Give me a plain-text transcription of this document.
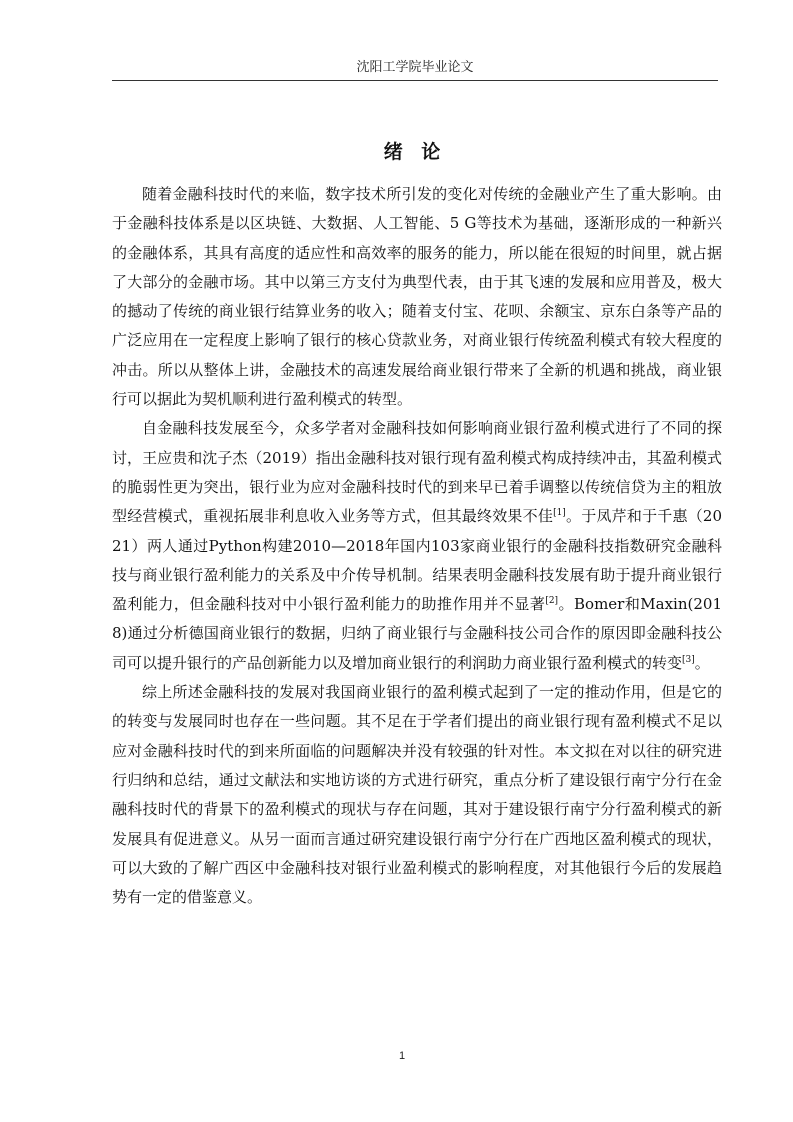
沈阳工学院毕业论文
绪 论

随着金融科技时代的来临，数字技术所引发的变化对传统的金融业产生了重大影响。由于金融科技体系是以区块链、大数据、人工智能、5 G等技术为基础，逐渐形成的一种新兴的金融体系，其具有高度的适应性和高效率的服务的能力，所以能在很短的时间里，就占据了大部分的金融市场。其中以第三方支付为典型代表，由于其飞速的发展和应用普及，极大的撼动了传统的商业银行结算业务的收入；随着支付宝、花呗、余额宝、京东白条等产品的广泛应用在一定程度上影响了银行的核心贷款业务，对商业银行传统盈利模式有较大程度的冲击。所以从整体上讲，金融技术的高速发展给商业银行带来了全新的机遇和挑战，商业银行可以据此为契机顺利进行盈利模式的转型。

自金融科技发展至今，众多学者对金融科技如何影响商业银行盈利模式进行了不同的探讨，王应贵和沈子杰（2019）指出金融科技对银行现有盈利模式构成持续冲击，其盈利模式的脆弱性更为突出，银行业为应对金融科技时代的到来早已着手调整以传统信贷为主的粗放型经营模式，重视拓展非利息收入业务等方式，但其最终效果不佳[1]。于凤芹和于千惠（2021）两人通过Python构建2010—2018年国内103家商业银行的金融科技指数研究金融科技与商业银行盈利能力的关系及中介传导机制。结果表明金融科技发展有助于提升商业银行盈利能力，但金融科技对中小银行盈利能力的助推作用并不显著[2]。Bomer和Maxin(2018)通过分析德国商业银行的数据，归纳了商业银行与金融科技公司合作的原因即金融科技公司可以提升银行的产品创新能力以及增加商业银行的利润助力商业银行盈利模式的转变[3]。

综上所述金融科技的发展对我国商业银行的盈利模式起到了一定的推动作用，但是它的的转变与发展同时也存在一些问题。其不足在于学者们提出的商业银行现有盈利模式不足以应对金融科技时代的到来所面临的问题解决并没有较强的针对性。本文拟在对以往的研究进行归纳和总结，通过文献法和实地访谈的方式进行研究，重点分析了建设银行南宁分行在金融科技时代的背景下的盈利模式的现状与存在问题，其对于建设银行南宁分行盈利模式的新发展具有促进意义。从另一面而言通过研究建设银行南宁分行在广西地区盈利模式的现状，可以大致的了解广西区中金融科技对银行业盈利模式的影响程度，对其他银行今后的发展趋势有一定的借鉴意义。

1
